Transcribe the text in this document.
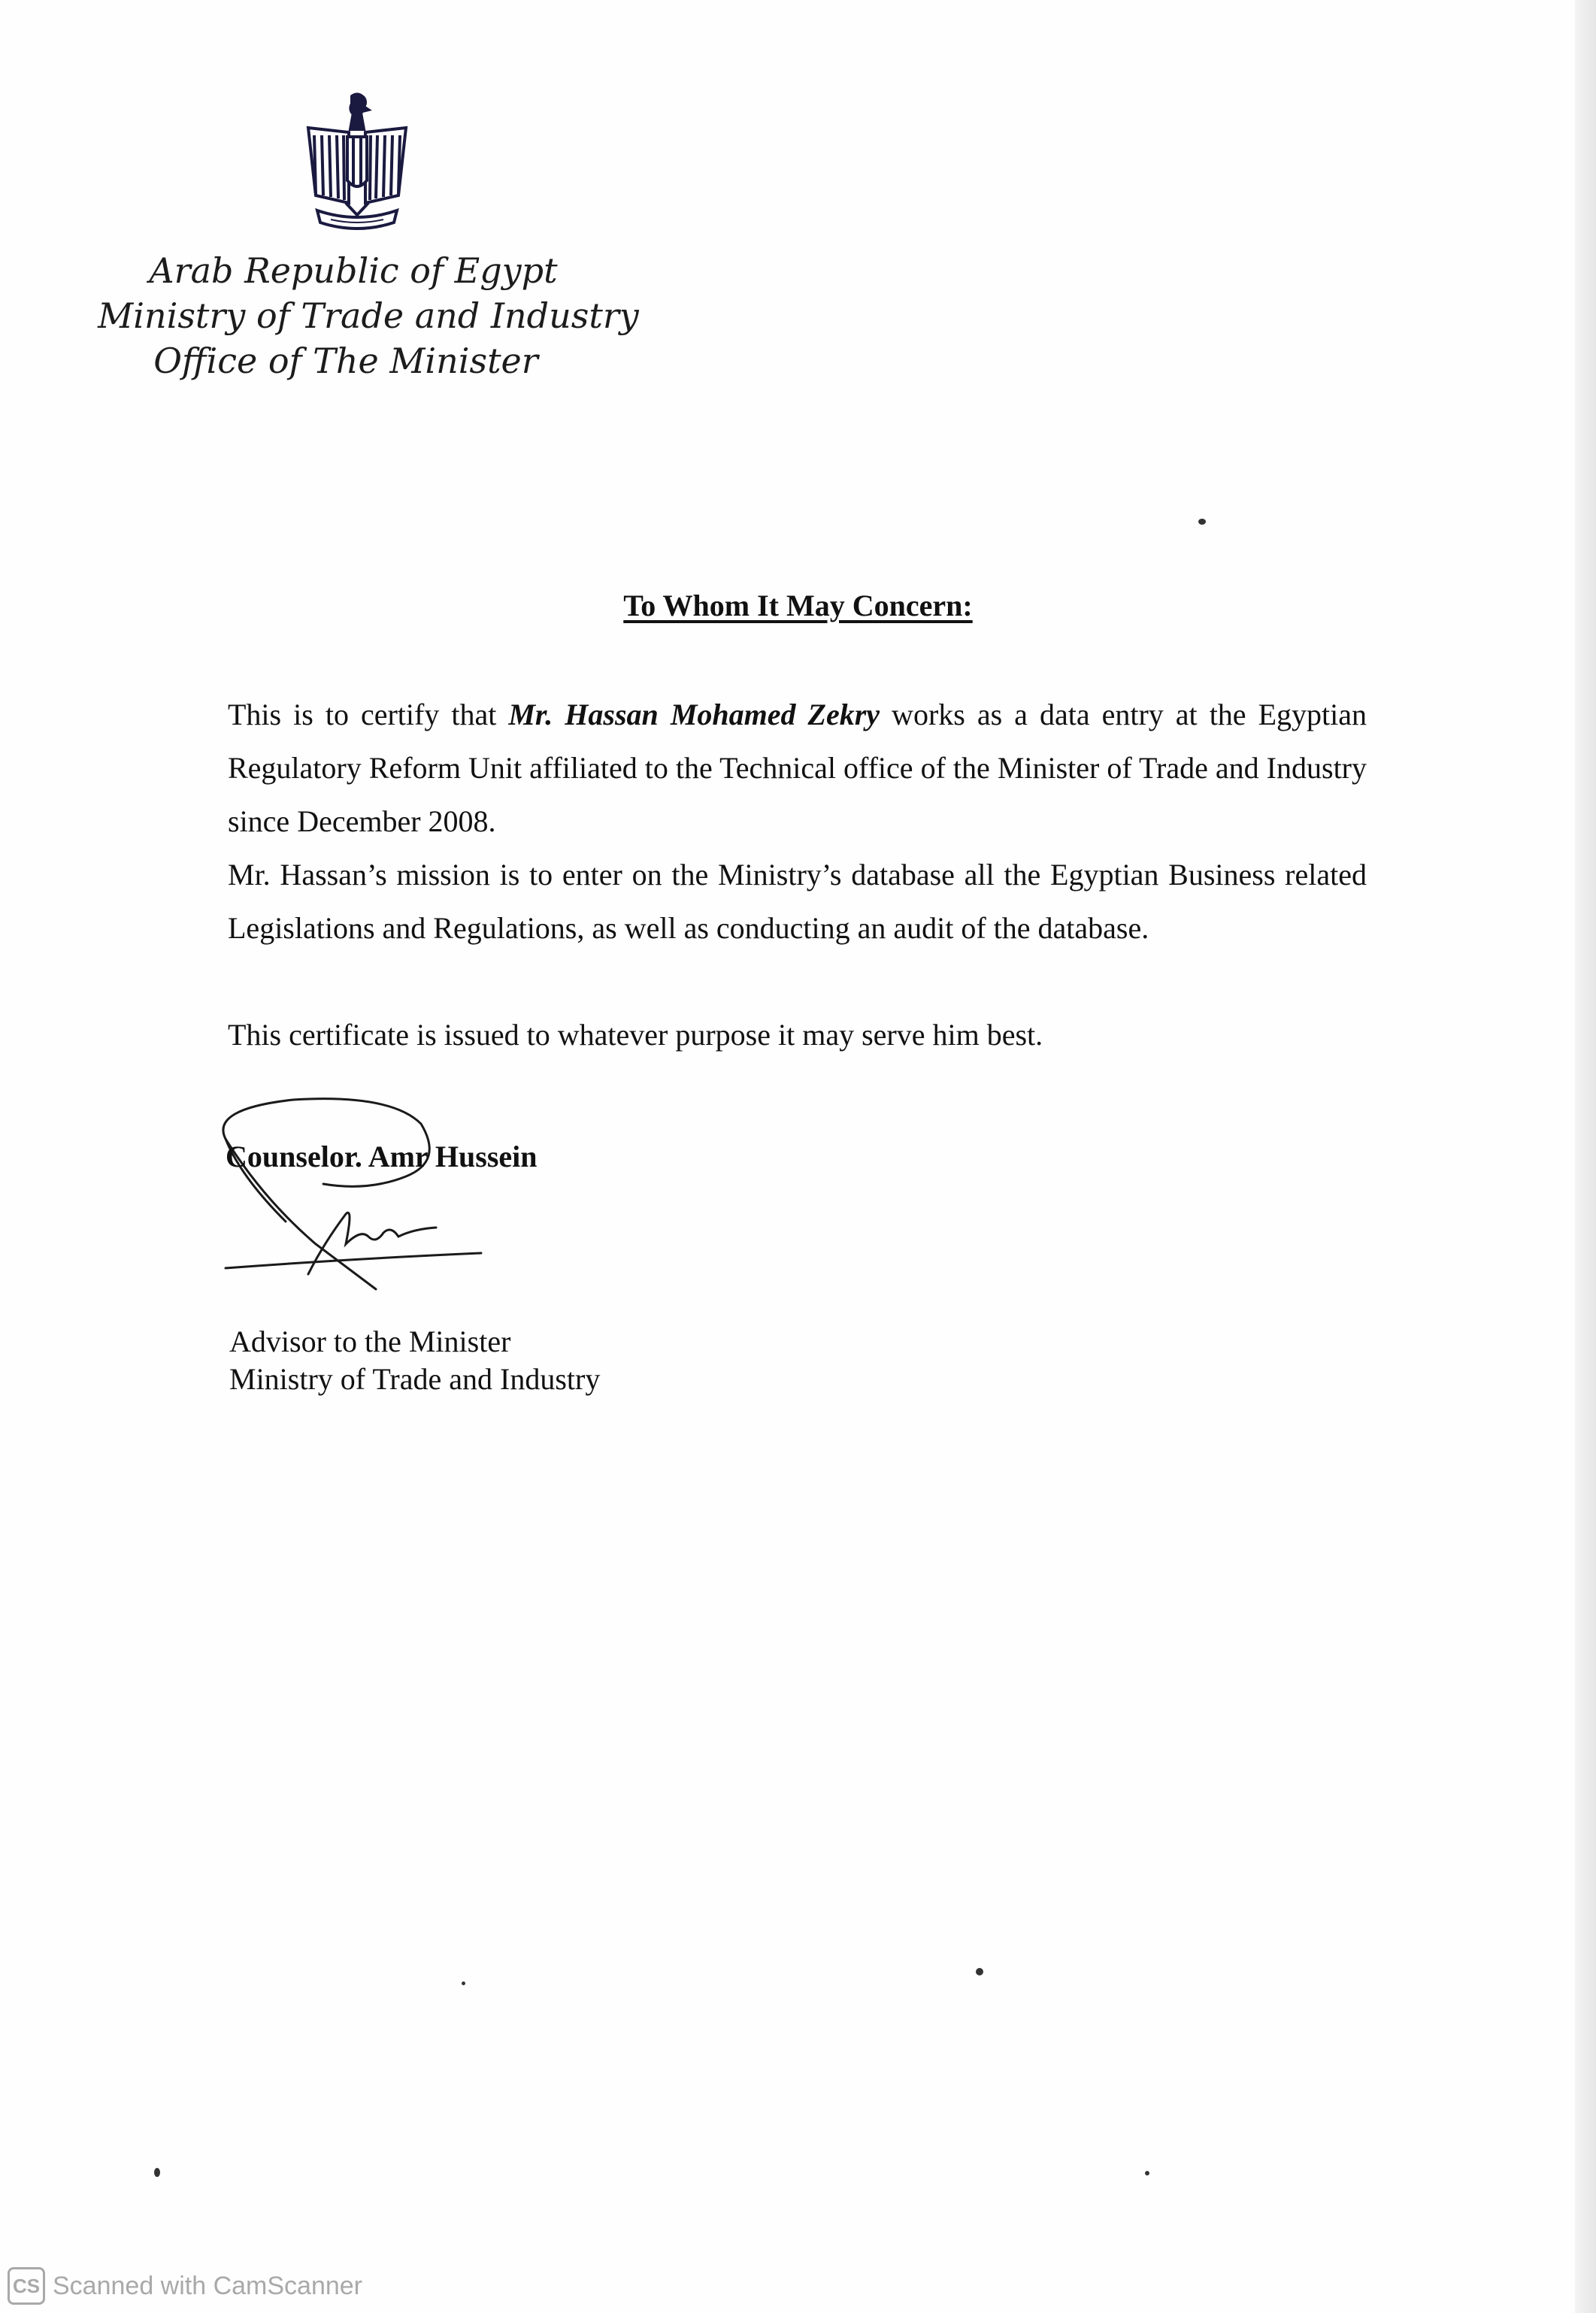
Arab Republic of Egypt
Ministry of Trade and Industry
Office of The Minister
To Whom It May Concern:

This is to certify that Mr. Hassan Mohamed Zekry works as a data entry at the Egyptian Regulatory Reform Unit affiliated to the Technical office of the Minister of Trade and Industry since December 2008.

Mr. Hassan’s mission is to enter on the Ministry’s database all the Egyptian Business related Legislations and Regulations, as well as conducting an audit of the database.

This certificate is issued to whatever purpose it may serve him best.

Counselor. Amr Hussein
Advisor to the Minister
Ministry of Trade and Industry
CS Scanned with CamScanner
